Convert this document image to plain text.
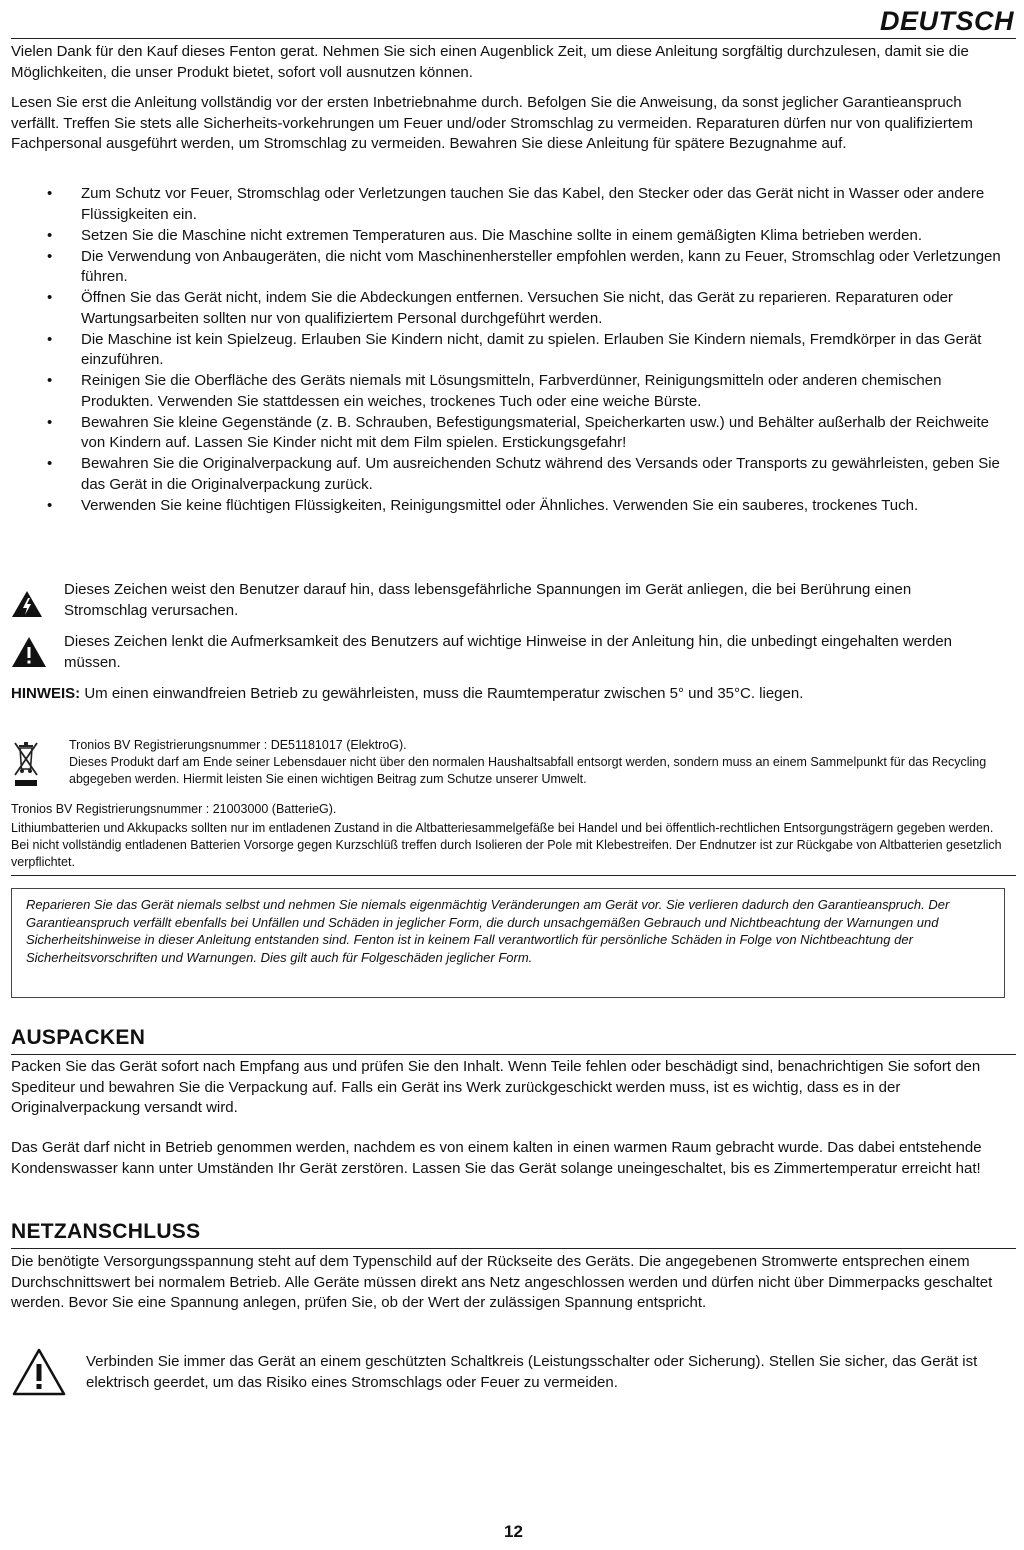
DEUTSCH

Vielen Dank für den Kauf dieses Fenton gerat. Nehmen Sie sich einen Augenblick Zeit, um diese Anleitung sorgfältig durchzulesen, damit sie die Möglichkeiten, die unser Produkt bietet, sofort voll ausnutzen können.

Lesen Sie erst die Anleitung vollständig vor der ersten Inbetriebnahme durch. Befolgen Sie die Anweisung, da sonst jeglicher Garantieanspruch verfällt. Treffen Sie stets alle Sicherheits-vorkehrungen um Feuer und/oder Stromschlag zu vermeiden. Reparaturen dürfen nur von qualifiziertem Fachpersonal ausgeführt werden, um Stromschlag zu vermeiden. Bewahren Sie diese Anleitung für spätere Bezugnahme auf.

• Zum Schutz vor Feuer, Stromschlag oder Verletzungen tauchen Sie das Kabel, den Stecker oder das Gerät nicht in Wasser oder andere Flüssigkeiten ein.
• Setzen Sie die Maschine nicht extremen Temperaturen aus. Die Maschine sollte in einem gemäßigten Klima betrieben werden.
• Die Verwendung von Anbaugeräten, die nicht vom Maschinenhersteller empfohlen werden, kann zu Feuer, Stromschlag oder Verletzungen führen.
• Öffnen Sie das Gerät nicht, indem Sie die Abdeckungen entfernen. Versuchen Sie nicht, das Gerät zu reparieren. Reparaturen oder Wartungsarbeiten sollten nur von qualifiziertem Personal durchgeführt werden.
• Die Maschine ist kein Spielzeug. Erlauben Sie Kindern nicht, damit zu spielen. Erlauben Sie Kindern niemals, Fremdkörper in das Gerät einzuführen.
• Reinigen Sie die Oberfläche des Geräts niemals mit Lösungsmitteln, Farbverdünner, Reinigungsmitteln oder anderen chemischen Produkten. Verwenden Sie stattdessen ein weiches, trockenes Tuch oder eine weiche Bürste.
• Bewahren Sie kleine Gegenstände (z. B. Schrauben, Befestigungsmaterial, Speicherkarten usw.) und Behälter außerhalb der Reichweite von Kindern auf. Lassen Sie Kinder nicht mit dem Film spielen. Erstickungsgefahr!
• Bewahren Sie die Originalverpackung auf. Um ausreichenden Schutz während des Versands oder Transports zu gewährleisten, geben Sie das Gerät in die Originalverpackung zurück.
• Verwenden Sie keine flüchtigen Flüssigkeiten, Reinigungsmittel oder Ähnliches. Verwenden Sie ein sauberes, trockenes Tuch.
Dieses Zeichen weist den Benutzer darauf hin, dass lebensgefährliche Spannungen im Gerät anliegen, die bei Berührung einen Stromschlag verursachen.
Dieses Zeichen lenkt die Aufmerksamkeit des Benutzers auf wichtige Hinweise in der Anleitung hin, die unbedingt eingehalten werden müssen.

HINWEIS: Um einen einwandfreien Betrieb zu gewährleisten, muss die Raumtemperatur zwischen 5° und 35°C. liegen.

Tronios BV Registrierungsnummer : DE51181017 (ElektroG).
Dieses Produkt darf am Ende seiner Lebensdauer nicht über den normalen Haushaltsabfall entsorgt werden, sondern muss an einem Sammelpunkt für das Recycling abgegeben werden. Hiermit leisten Sie einen wichtigen Beitrag zum Schutze unserer Umwelt.
Tronios BV Registrierungsnummer : 21003000 (BatterieG).
Lithiumbatterien und Akkupacks sollten nur im entladenen Zustand in die Altbatteriesammelgefäße bei Handel und bei öffentlich-rechtlichen Entsorgungsträgern gegeben werden. Bei nicht vollständig entladenen Batterien Vorsorge gegen Kurzschlüß treffen durch Isolieren der Pole mit Klebestreifen. Der Endnutzer ist zur Rückgabe von Altbatterien gesetzlich verpflichtet.

Reparieren Sie das Gerät niemals selbst und nehmen Sie niemals eigenmächtig Veränderungen am Gerät vor. Sie verlieren dadurch den Garantieanspruch. Der Garantieanspruch verfällt ebenfalls bei Unfällen und Schäden in jeglicher Form, die durch unsachgemäßen Gebrauch und Nichtbeachtung der Warnungen und Sicherheitshinweise in dieser Anleitung entstanden sind. Fenton ist in keinem Fall verantwortlich für persönliche Schäden in Folge von Nichtbeachtung der Sicherheitsvorschriften und Warnungen. Dies gilt auch für Folgeschäden jeglicher Form.

AUSPACKEN

Packen Sie das Gerät sofort nach Empfang aus und prüfen Sie den Inhalt. Wenn Teile fehlen oder beschädigt sind, benachrichtigen Sie sofort den Spediteur und bewahren Sie die Verpackung auf. Falls ein Gerät ins Werk zurückgeschickt werden muss, ist es wichtig, dass es in der Originalverpackung versandt wird.

Das Gerät darf nicht in Betrieb genommen werden, nachdem es von einem kalten in einen warmen Raum gebracht wurde. Das dabei entstehende Kondenswasser kann unter Umständen Ihr Gerät zerstören. Lassen Sie das Gerät solange uneingeschaltet, bis es Zimmertemperatur erreicht hat!

NETZANSCHLUSS

Die benötigte Versorgungsspannung steht auf dem Typenschild auf der Rückseite des Geräts. Die angegebenen Stromwerte entsprechen einem Durchschnittswert bei normalem Betrieb. Alle Geräte müssen direkt ans Netz angeschlossen werden und dürfen nicht über Dimmerpacks geschaltet werden. Bevor Sie eine Spannung anlegen, prüfen Sie, ob der Wert der zulässigen Spannung entspricht.

Verbinden Sie immer das Gerät an einem geschützten Schaltkreis (Leistungsschalter oder Sicherung). Stellen Sie sicher, das Gerät ist elektrisch geerdet, um das Risiko eines Stromschlags oder Feuer zu vermeiden.
12
